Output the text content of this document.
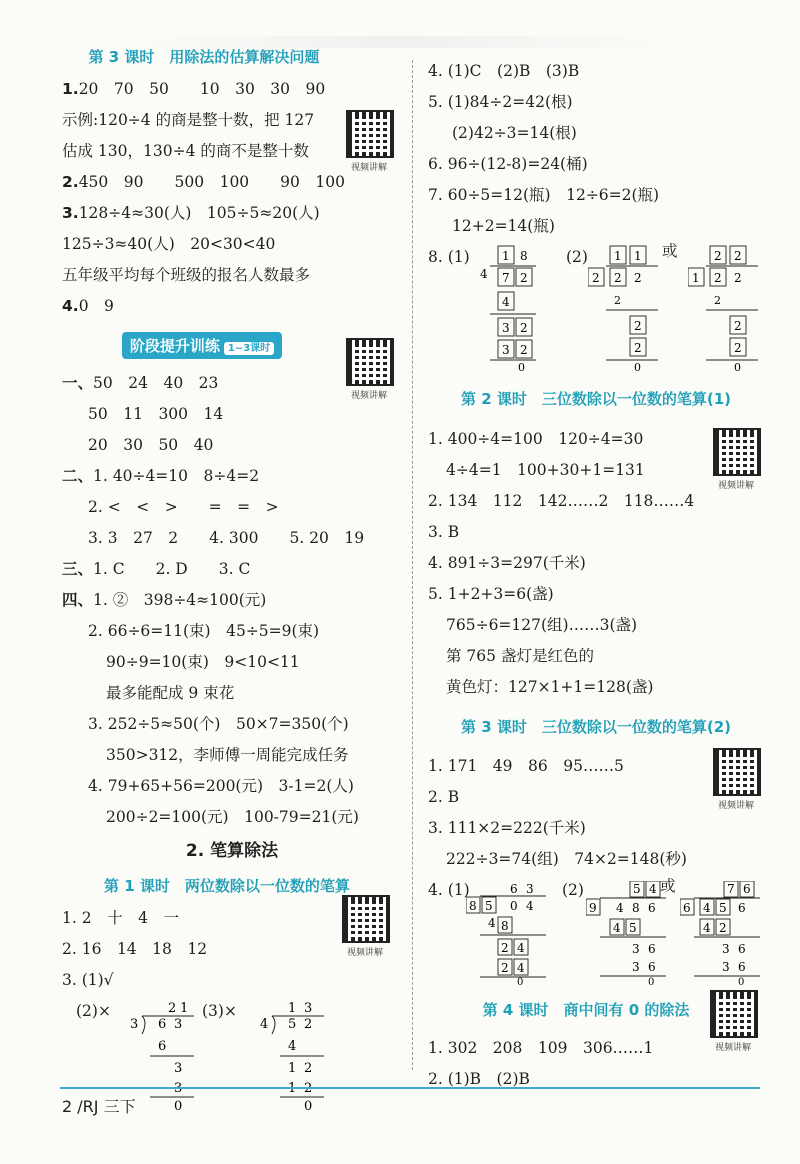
第 3 课时　用除法的估算解决问题
1.20　70　50　　10　30　30　90
示例:120÷4 的商是整十数，把 127
估成 130，130÷4 的商不是整十数
2.450　90　　500　100　　90　100
3.128÷4≈30(人)　105÷5≈20(人)
125÷3≈40(人)　20<30<40
五年级平均每个班级的报名人数最多
4.0　9
阶段提升训练 1~3课时
一、50　24　40　23
50　11　300　14
20　30　50　40
二、1. 40÷4=10　8÷4=2
2. <　<　>　　=　=　>
3. 3　27　2　　4. 300　　5. 20　19
三、1. C　　2. D　　3. C
四、1. ②　398÷4≈100(元)
2. 66÷6=11(束)　45÷5=9(束)
90÷9=10(束)　9<10<11
最多能配成 9 束花
3. 252÷5≈50(个)　50×7=350(个)
350>312，李师傅一周能完成任务
4. 79+65+56=200(元)　3-1=2(人)
200÷2=100(元)　100-79=21(元)
2. 笔算除法
第 1 课时　两位数除以一位数的笔算
1. 2　十　4　一
2. 16　14　18　12
3. (1)√
(2)×	2 1
3 6 3
6
3
3
0
(3)×	1 3
4 5 2
4
1 2
1 2
0
视频讲解
视频讲解
视频讲解
4. (1)C　(2)B　(3)B
5. (1)84÷2=42(根)
(2)42÷3=14(根)
6. 96÷(12-8)=24(桶)
7. 60÷5=12(瓶)　12÷6=2(瓶)
12+2=14(瓶)
8. (1)	1 8
4 7 2
4
3 2
3 2
0
(2) 1 1
2 2 2
2
2
2
0
或	2 2
1 2 2
2
2
2
0
第 2 课时　三位数除以一位数的笔算(1)
1. 400÷4=100　120÷4=30
4÷4=1　100+30+1=131
2. 134　112　142……2　118……4
3. B
4. 891÷3=297(千米)
5. 1+2+3=6(盏)
765÷6=127(组)……3(盏)
第 765 盏灯是红色的
黄色灯：127×1+1=128(盏)
第 3 课时　三位数除以一位数的笔算(2)
1. 171　49　86　95……5
2. B
3. 111×2=222(千米)
222÷3=74(组)　74×2=148(秒)
4. (1)	6 3
8 5 0 4
4 8
2 4
2 4
0
(2)	5 4
9 4 8 6
4 5
3 6
3 6
0
或	7 6
6 4 5 6
4 2
3 6
3 6
0
第 4 课时　商中间有 0 的除法
1. 302　208　109　306……1
2. (1)B　(2)B
视频讲解
视频讲解
视频讲解
2 /RJ 三下
